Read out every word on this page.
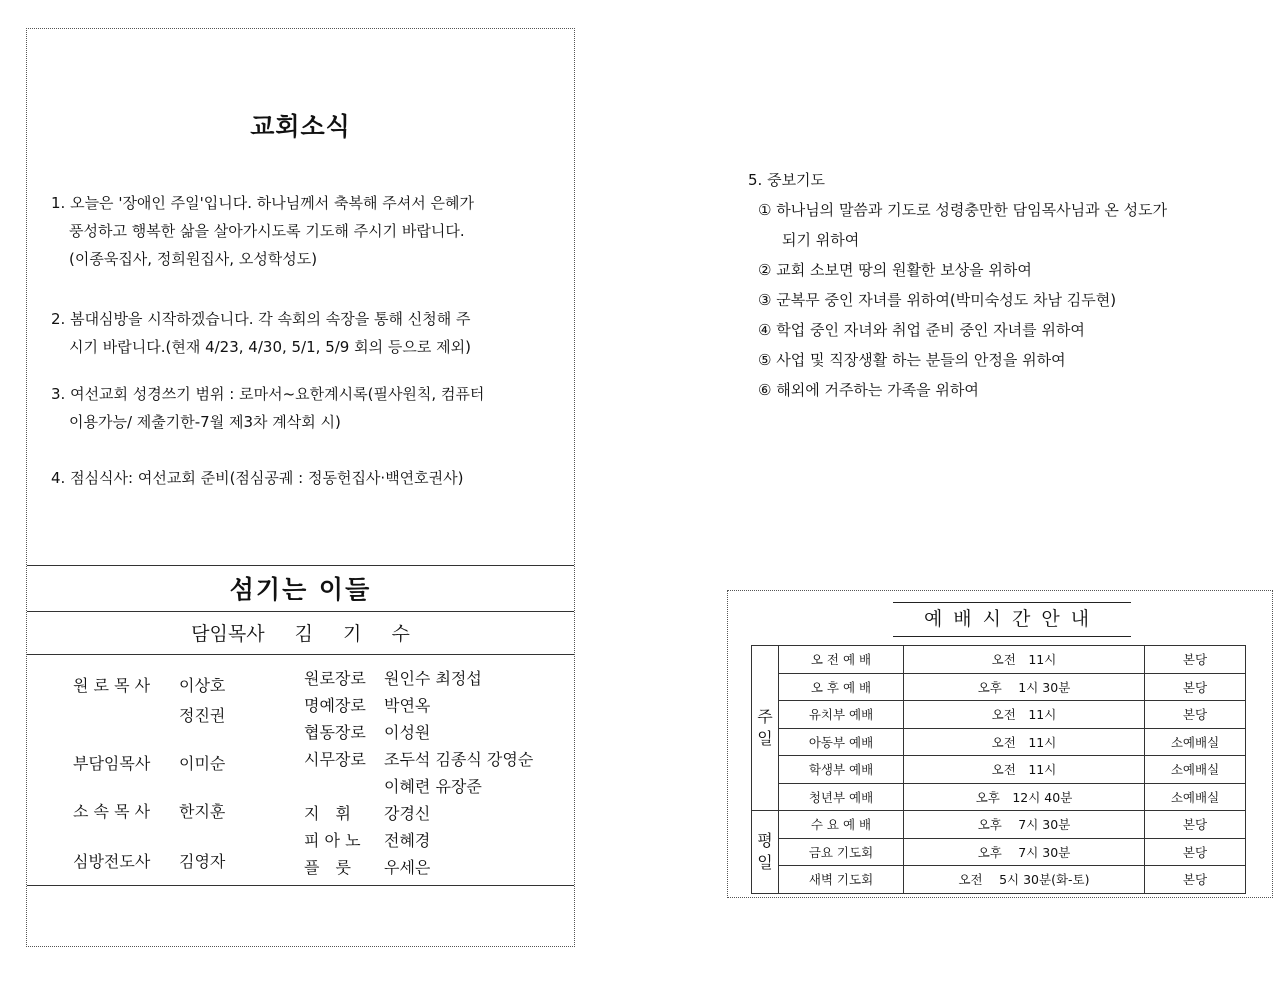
교회소식
1. 오늘은 '장애인 주일'입니다. 하나님께서 축복해 주셔서 은혜가
풍성하고 행복한 삶을 살아가시도록 기도해 주시기 바랍니다.
(이종욱집사, 정희원집사, 오성학성도)
2. 봄대심방을 시작하겠습니다. 각 속회의 속장을 통해 신청해 주
시기 바랍니다.(현재 4/23, 4/30, 5/1, 5/9 회의 등으로 제외)
3. 여선교회 성경쓰기 범위 : 로마서~요한계시록(필사원칙, 컴퓨터
이용가능/ 제출기한-7월 제3차 계삭회 시)
4. 점심식사: 여선교회 준비(점심공궤 : 정동헌집사·백연호권사)
섬기는 이들
담임목사 김 기 수
원 로 목 사 이상호
정진권
부담임목사 이미순
소 속 목 사 한지훈
심방전도사 김영자
원로장로 원인수 최정섭
명예장로 박연옥
협동장로 이성원
시무장로 조두석 김종식 강영순
이혜련 유장준
지　휘 강경신
피 아 노 전혜경
플　룻 우세은
5. 중보기도
① 하나님의 말씀과 기도로 성령충만한 담임목사님과 온 성도가
되기 위하여
② 교회 소보면 땅의 원활한 보상을 위하여
③ 군복무 중인 자녀를 위하여(박미숙성도 차남 김두현)
④ 학업 중인 자녀와 취업 준비 중인 자녀를 위하여
⑤ 사업 및 직장생활 하는 분들의 안정을 위하여
⑥ 해외에 거주하는 가족을 위하여
예배시간안내
주일	오 전 예 배	오전　11시	본당
	오 후 예 배	오후　 1시 30분	본당
	유치부 예배	오전　11시	본당
	아동부 예배	오전　11시	소예배실
	학생부 예배	오전　11시	소예배실
	청년부 예배	오후　12시 40분	소예배실
평일	수 요 예 배	오후　 7시 30분	본당
	금요 기도회	오후　 7시 30분	본당
	새벽 기도회	오전　 5시 30분(화-토)	본당
